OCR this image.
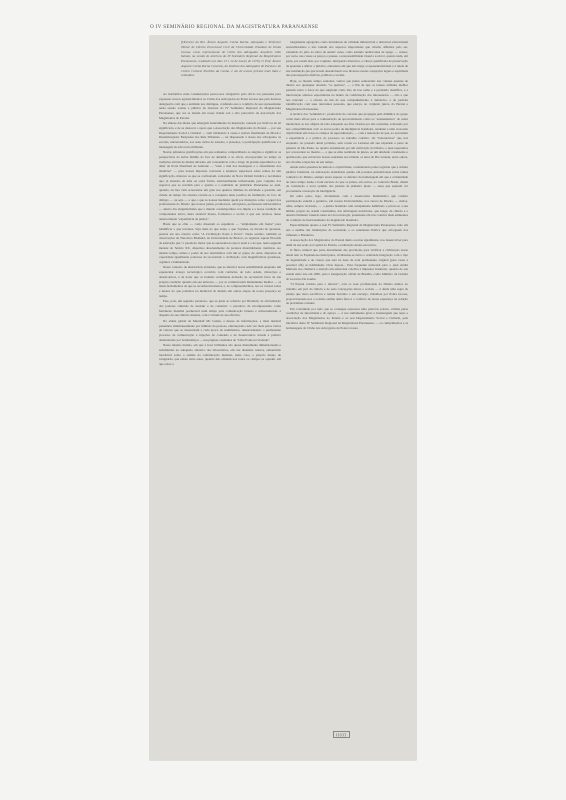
O IV SEMINÁRIO REGIONAL DA MAGISTRATURA PARANAENSE

(Discurso do Bel. Álvaro Augusto Cunha Rocha, Advogado e Professor Titular de Direito Processual Civil da Universidade Estadual de Ponta Grossa, como representante do Clube dos Advogados Arquiteto Júlio Saboia, na sessão de abertura do IV Seminário Regional da Magistratura Paranaense, realizado nos dias 13 e 14 de março de 1976). O Prof. Álvaro Augusto Cunha Rocha Cesarino, do Instituto dos Advogados do Paraná e do Centro Cultural Euclides da Cunha, é um de nossos juristas mais lidos e estimados.

Ao iniciarmos estas considerações parece-nos obrigatório pelo ofício aos presentes para expressar nossos agradecimentos ao Clube dos Advogados de Ponta Grossa que pela honrosa designação com que a entidade nos distingue, confiando-nos a condição de seu representante nesta sessão solene e pública de abertura do IV Seminário Regional da Magistratura Paranaense, que ora se instala em nossa cidade sob o alto patrocínio da Associação dos Magistrados do Paraná.

Na síntese das ideias que emergem naturalmente da inspiração causada por motivos de tal significado, e de se destacar o apoio que a Associação dos Magistrados do Paraná — por seu Departamento Social e Cultural — vem tributando à causa e nobres finalidades da Moral e Desembargador Eurípedes dos Reis Tribunais — ter dispensado à classe dos advogados, às escolas, universitários, aos seus cultos de estudos, à presença, à participação qualificada e à mensagem da advocacia militante.

Nestas primeiras gratificações em que tenhamos compartilhado as alegrias e significar as perspectivas da nobre família do foro de amanhã, é ao ofício, incorporando no tempo as tradições através de muitas décadas, em consonância com o longo da grande experiência e no dizer da Porta Doutrinal de Andrade — "tudo o mal dos desengano e o afastamento dos tabeliões" — para nossas impostas concretas e atualizar superiores sobre temas da alta significação, maiores os que se confrontam, sobretudo da Nova Ordem Jurídica e novidades que, já situados de uma ou outra forma, estruturalmente reflexionam, pelo conjunto dos aspectos que se revelam para o quadro e a realidade do judiciário Paranaense ao qual, quando, tal lato vem acrescentar um grau nos quantos dilemas da atividade e garantia, em cidade de tempo tão estudos revelar-se a conquista mais positiva da instituição do foro de diálogo — ou seja — a que o que as nossas mediante quem por mutações sobre o papel dos profissionais do Direito que nossos juízes, promotores, advogados, professores universitários — dentro das singularidades que o mundo contemporâneo nos impõe e a nossa condição de componentes ativos desta sensível massa, formadora e social, é que sua revelou, desse anteriormente "experiência de justiça".

Basta que se olhe — como disseram os espanhóis — "amplamente em frente" para identificar o que revemos. Seja mais do que antes, o que Toynbee, na década de quarenta, pensou até sua criação como "A Civilização Posta à Prova". Neste sentido, também as observações de Theodoro Brameld, da Universidade de Boston, ao registrar aquela filosofia da educação que "o paradoxo maior que se apresenta na época atual é o de que, nesta segunda metade do Século XX, dispomos absolutamente de poderes materialmente cientistas. Ao mesmo tempo, temos o poder de nos destruirmos com um só golpe, de outra, dispomos da capacidade igualmente poderosa de reconstruir a civilização com magnificência grandiosa, orgânica e humanizada.

Nesse contexto de alternativas extremas, que se abrem à nossa sensibilidade enquanto um espetacular avanço tecnológico ocorrido com carências de toda ordem, distorções e desencontros, é de notar que os homens certamente deixarão de reconstruir fatos de sua própria condição quando em seu universo — por se comunicarem mutuamente melhor — os maus fechamentos de que se reconhecem menos, e, no compreendermos, nos os valores todas e menos do que podemos na medieval do mundo em outras etapas da nossa presença no tempo.

Este, pois, um segundo paradoxo, que se junta ao referido por Brameld, da oficialização dos poderes culturais de destruir e de construir: o paradoxo da incompreensão como fenômeno mundial perdurável num tempo pela comunicação intensa e universalizada, a despeito de sua ciência reinante, com a virtude de sua eficácia.

Na aldeia global de Marshall Mc Luhan, a massa de informações, a mais instável planetária simultaneamente por milhões de pessoas, entrelaçadas cada vez mais pelos vastos de valores que se desenrolam a cada época de sentimentos, desencadeando o permanente processo de comunicação e injeções de conteúdo e de desencontros dotada a político demonstrado por Solzhenitsyn — nas páginas candentes de "Uma Fonte na Verdade".

Nesse mesmo mundo, em que a hora brilhantes são quase diariamente dimensionadas e substituídas no adequado abrasivo dos laboratórios, em vez distantes centros, exhaurindo inevitável sobre a análise da comunicação humana, neste caso, o próprio desejo de vanguarda, que existe entre estes, quando não existem nos todos os campos se operam, em que sobre a

longamente agregados como destruturas de validade inibuscrível e universal sobretornem surrealizaremos e não tomam nos aspectos importantes que crisam, afiliados pelo ser, extraindo do jeito as sobra de anular: estes, como estando audiotornas de apego — censor, por sorte, nas coisas os preços e pausas, a responsabilidade visual e social é, quanto nada, em parte, por serem elas, por conjunto, intrujonal e histórica, a cabeça qualificada de preservação da aparente e afinal, o jurídico, entretanto em que não tenga a representatividade e à tutela de sua instituição-jus que levem desenrolando nos diversos nestas ocupações legais e espirituais das preocupações efetivas, políticas e sociais.

Hoje, ao mesmo tempo sentados, vemos que juízes sentenciais nas colunas quentes de direito aos quaisquer atrelado "os queixas", — a fim de que os tenues artilades melhor passem sobre a força da que surgiram como lixo da boa razão e a perdendo científica, e a intervenção alternos especialistas na dentro da confirmação dos interessados — alto e que nos relevam — a ofertas de um de que companheirismo é defensivo, e de perfeita identificação com suas relevantes pessoais, que exerça, no conjunto juízos do Paraná e Magistratura Paranaense.

A técnica dos "seminários", promovida da corrente que propugna pela dinâmica do grupo como meio eficaz para a comunicação de aproveitamento como os "ensinamentos" do saber intelectual, se nos afigura de todo adequado aos fins visados por tais consultas, sobretudo por sua compatibilidade com os novos ponto da inteligência brasileira, tendente a uma crescente objetividade em todos os campos de especialização, — com a reiteração de que, ao aproximar a experiência e a prática do processo ao trabalho coletivo. Os "laboratórios" que nós enquanto, no passado ainda próximo, sem contar ao Ladonaz em sua expansão e parte da palestra da São Paulo, no quadro entremeado por um cultivação do Direito, o qual esperamos por acrescentar ao mesmo — a que se uma realidade de juízes, se um alinhado consistente e aprimorado, que sobrevive nossas estaduais nos Ordem, os lares do Rio Grande, entre outras, nos dá uma ocupações de seu tempo.

Ainda sobre questões de método e objetividade, considerando poder registrar que a cultura jurídica brasileira, na elaboração doutrinária quanto em posturas jurisdicionais sobre temas rotineiros do Direito, sempre anota superar os defeitos da homenagem em que a comunidade de tanto tempo tenha o bom encanto do que os juízes, em outros, ao contrário Brasil, dizem da construção a nova opinião dos juristas de primeiro plano — estes que aspirem ver proveniente conotação da inteligência.

De outra parte, hoje, obviamente, com o desencontro humanístico que confere participação estudal e genérico, em nossas Universidades, nos cursos de Direito, — meios, afins, sempre racionais, — o jurista brasileiro tem sobejamente habilitado a privar-se a seu âmbito projeto de ordem constituinte, das arbitragens tecnicistas, que longe, da ciência e a desenvolvimento fazendo nesta era da tecnologia, persistente em nós coletiva mais eminentes da condição de funcionamento do magistrado brasileiro.

Especialmente quanto a este IV Seminário Regional da Magistratura Paranaense, feito em nós a análise das instituições da sociedade, e os estudantes Ibérica que advoguem dos tribunais o Brasileiro.

A Associação dos Magistrados do Paraná muito acertou igualmente, nos desenvolver para além de sua sede, na Capital do Estado, a realização destes encontros.

O fluxo cultural que parte diretamente das províncias para vivificar a civilização nossa ainda tem os Esplendores metrópoles, civilizadas-se rubro e celebrada integração com o tipo de ingenuidade e de crença que está na base de toda permanente original (para cesse a possível afã) as habilidades vivas depois... Está frequente universal para o qual André Malraux nos chamava a atenção em entrevista coletiva à imprensa brasileira, quando de sua estada entre nós em 1960, para a inauguração oficial de Brasília, como Ministro da Cultura do Governo De Gaulle.

"O Paraná voltado para o interior", com os seus profissionais do Direito unidos no trabalho em prol da ciência e de suas concepções éticas e sociais — é ainda uma regra da justiça que tanto sacrificou e reuniu ferrenho a seu encargo, trabalhou por Ponta Grossa, proporcionando-nos a ocasião estima desta feira é o conforto de nossa esperança na solução de problemas comuns.

Em concluindo por tudo que se consegue expressar uma palavras pobres, válidas pelas condições da sinceridade e do apreço — é nos sumamente grato a homenagem que aqui, a Associação dos Magistrados do Paraná e ao seu Departamento Social e Cultural, pela iniciativa deste IV Seminário Regional da Magistratura Paranaense, — os cumprimentos e as homenagens do Clube dos Advogados de Ponta Grossa.

((((((
